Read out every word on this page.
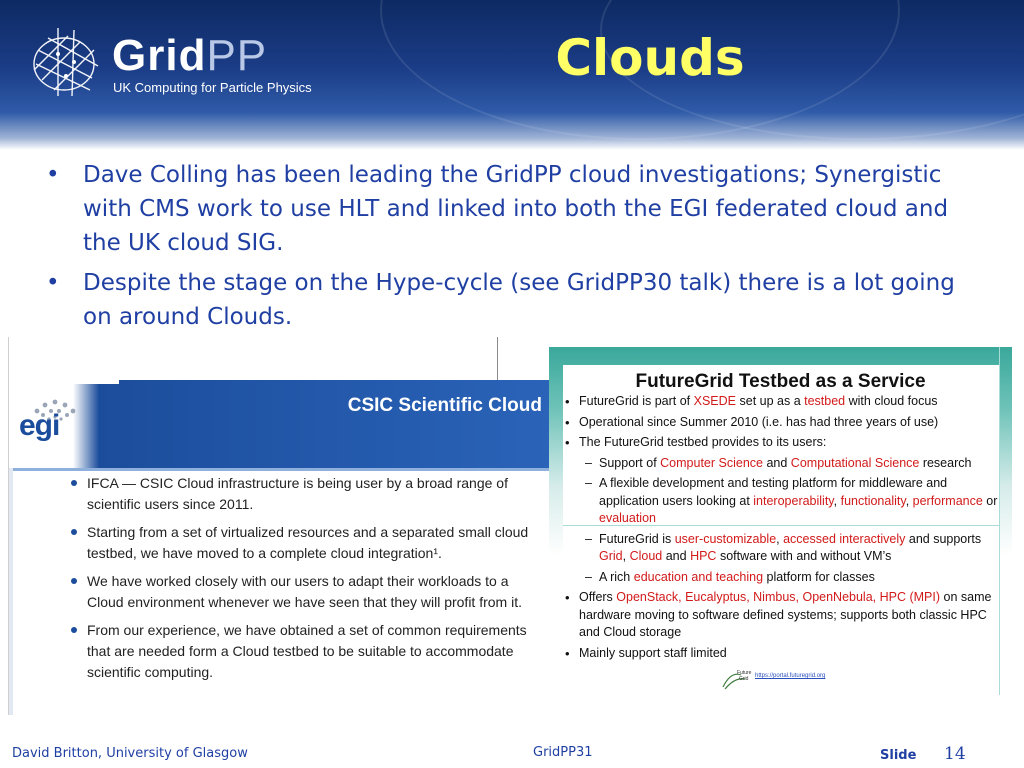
GridPP
UK Computing for Particle Physics
Clouds
• Dave Colling has been leading the GridPP cloud investigations; Synergistic with CMS work to use HLT and linked into both the EGI federated cloud and the UK cloud SIG.
• Despite the stage on the Hype-cycle (see GridPP30 talk) there is a lot going on around Clouds.
egi
CSIC Scientific Cloud
IFCA — CSIC Cloud infrastructure is being user by a broad range of scientific users since 2011.
Starting from a set of virtualized resources and a separated small cloud testbed, we have moved to a complete cloud integration¹.
We have worked closely with our users to adapt their workloads to a Cloud environment whenever we have seen that they will profit from it.
From our experience, we have obtained a set of common requirements that are needed form a Cloud testbed to be suitable to accommodate scientific computing.
FutureGrid Testbed as a Service
• FutureGrid is part of XSEDE set up as a testbed with cloud focus
• Operational since Summer 2010 (i.e. has had three years of use)
• The FutureGrid testbed provides to its users:
– Support of Computer Science and Computational Science research
– A flexible development and testing platform for middleware and application users looking at interoperability, functionality, performance or evaluation
– FutureGrid is user-customizable, accessed interactively and supports Grid, Cloud and HPC software with and without VM’s
– A rich education and teaching platform for classes
• Offers OpenStack, Eucalyptus, Nimbus, OpenNebula, HPC (MPI) on same hardware moving to software defined systems; supports both classic HPC and Cloud storage
• Mainly support staff limited
Future
Grid https://portal.futuregrid.org
David Britton, University of Glasgow	GridPP31	Slide 14
